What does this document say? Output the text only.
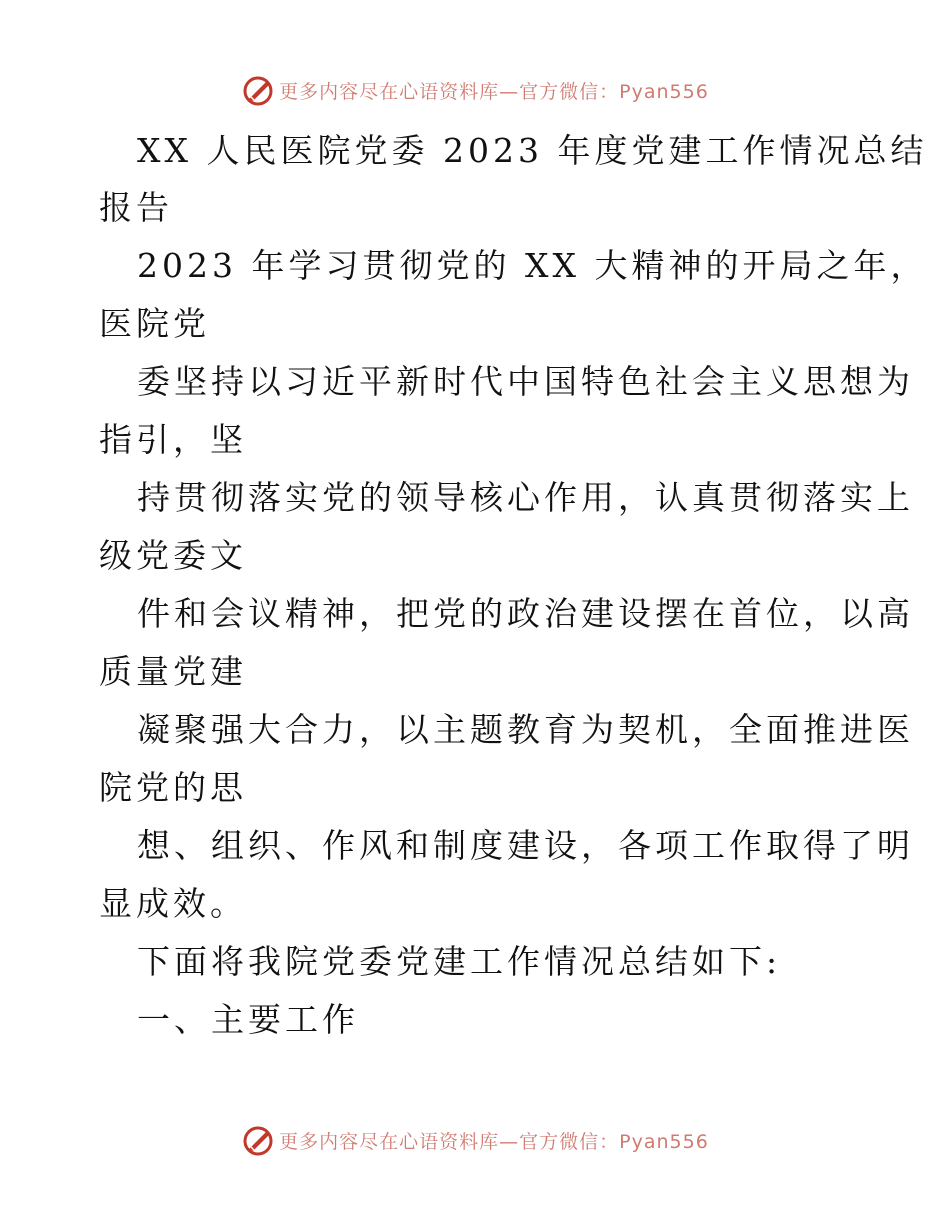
更多内容尽在心语资料库—官方微信：Pyan556
XX 人民医院党委 2023 年度党建工作情况总结
报告
2023 年学习贯彻党的 XX 大精神的开局之年，
医院党
委坚持以习近平新时代中国特色社会主义思想为
指引，坚
持贯彻落实党的领导核心作用，认真贯彻落实上
级党委文
件和会议精神，把党的政治建设摆在首位，以高
质量党建
凝聚强大合力，以主题教育为契机，全面推进医
院党的思
想、组织、作风和制度建设，各项工作取得了明
显成效。
下面将我院党委党建工作情况总结如下:
一、主要工作
更多内容尽在心语资料库—官方微信：Pyan556
